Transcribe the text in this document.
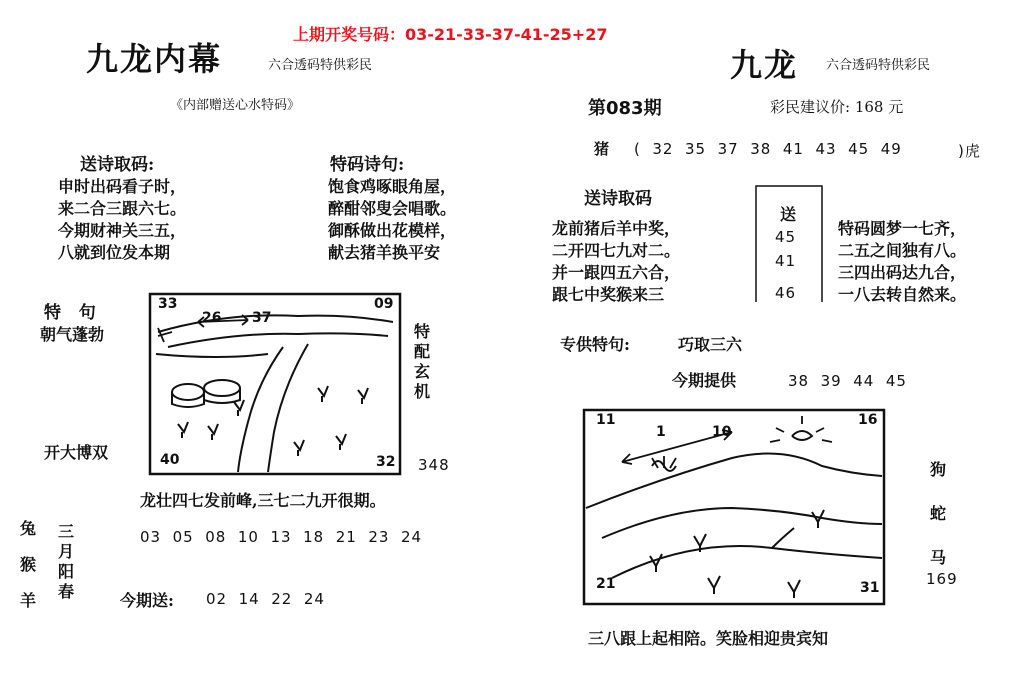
上期开奖号码：03-21-33-37-41-25+27
九龙内幕	六合透码特供彩民
《内部赠送心水特码》
送诗取码:
申时出码看子时，
来二合三跟六七。
今期财神关三五，
八就到位发本期
特码诗句:
饱食鸡啄眼角屋，
醉酣邻叟会唱歌。
御酥做出花模样，
献去猪羊换平安
特   句
朝气蓬勃
开大博双
33	09
40	32
26 37
特
配
玄
机
348
龙壮四七发前峰,三七二九开很期。
兔
猴
羊
三
月
阳
春
03  05  08  10  13  18  21  23  24
今期送: 02  14  22  24
九龙 六合透码特供彩民
第083期	彩民建议价: 168 元
猪 (  32  35  37  38  41  43  45  49	)虎
送诗取码
龙前猪后羊中奖，
二开四七九对二。
并一跟四五六合，
跟七中奖猴来三
送
45
41
46
特码圆梦一七齐，
二五之间独有八。
三四出码达九合，
一八去转自然来。
专供特句:	巧取三六
今期提供	38  39  44  45
11	16
21	31
1	10
狗
蛇
马
169
三八跟上起相陪。笑脸相迎贵宾知
